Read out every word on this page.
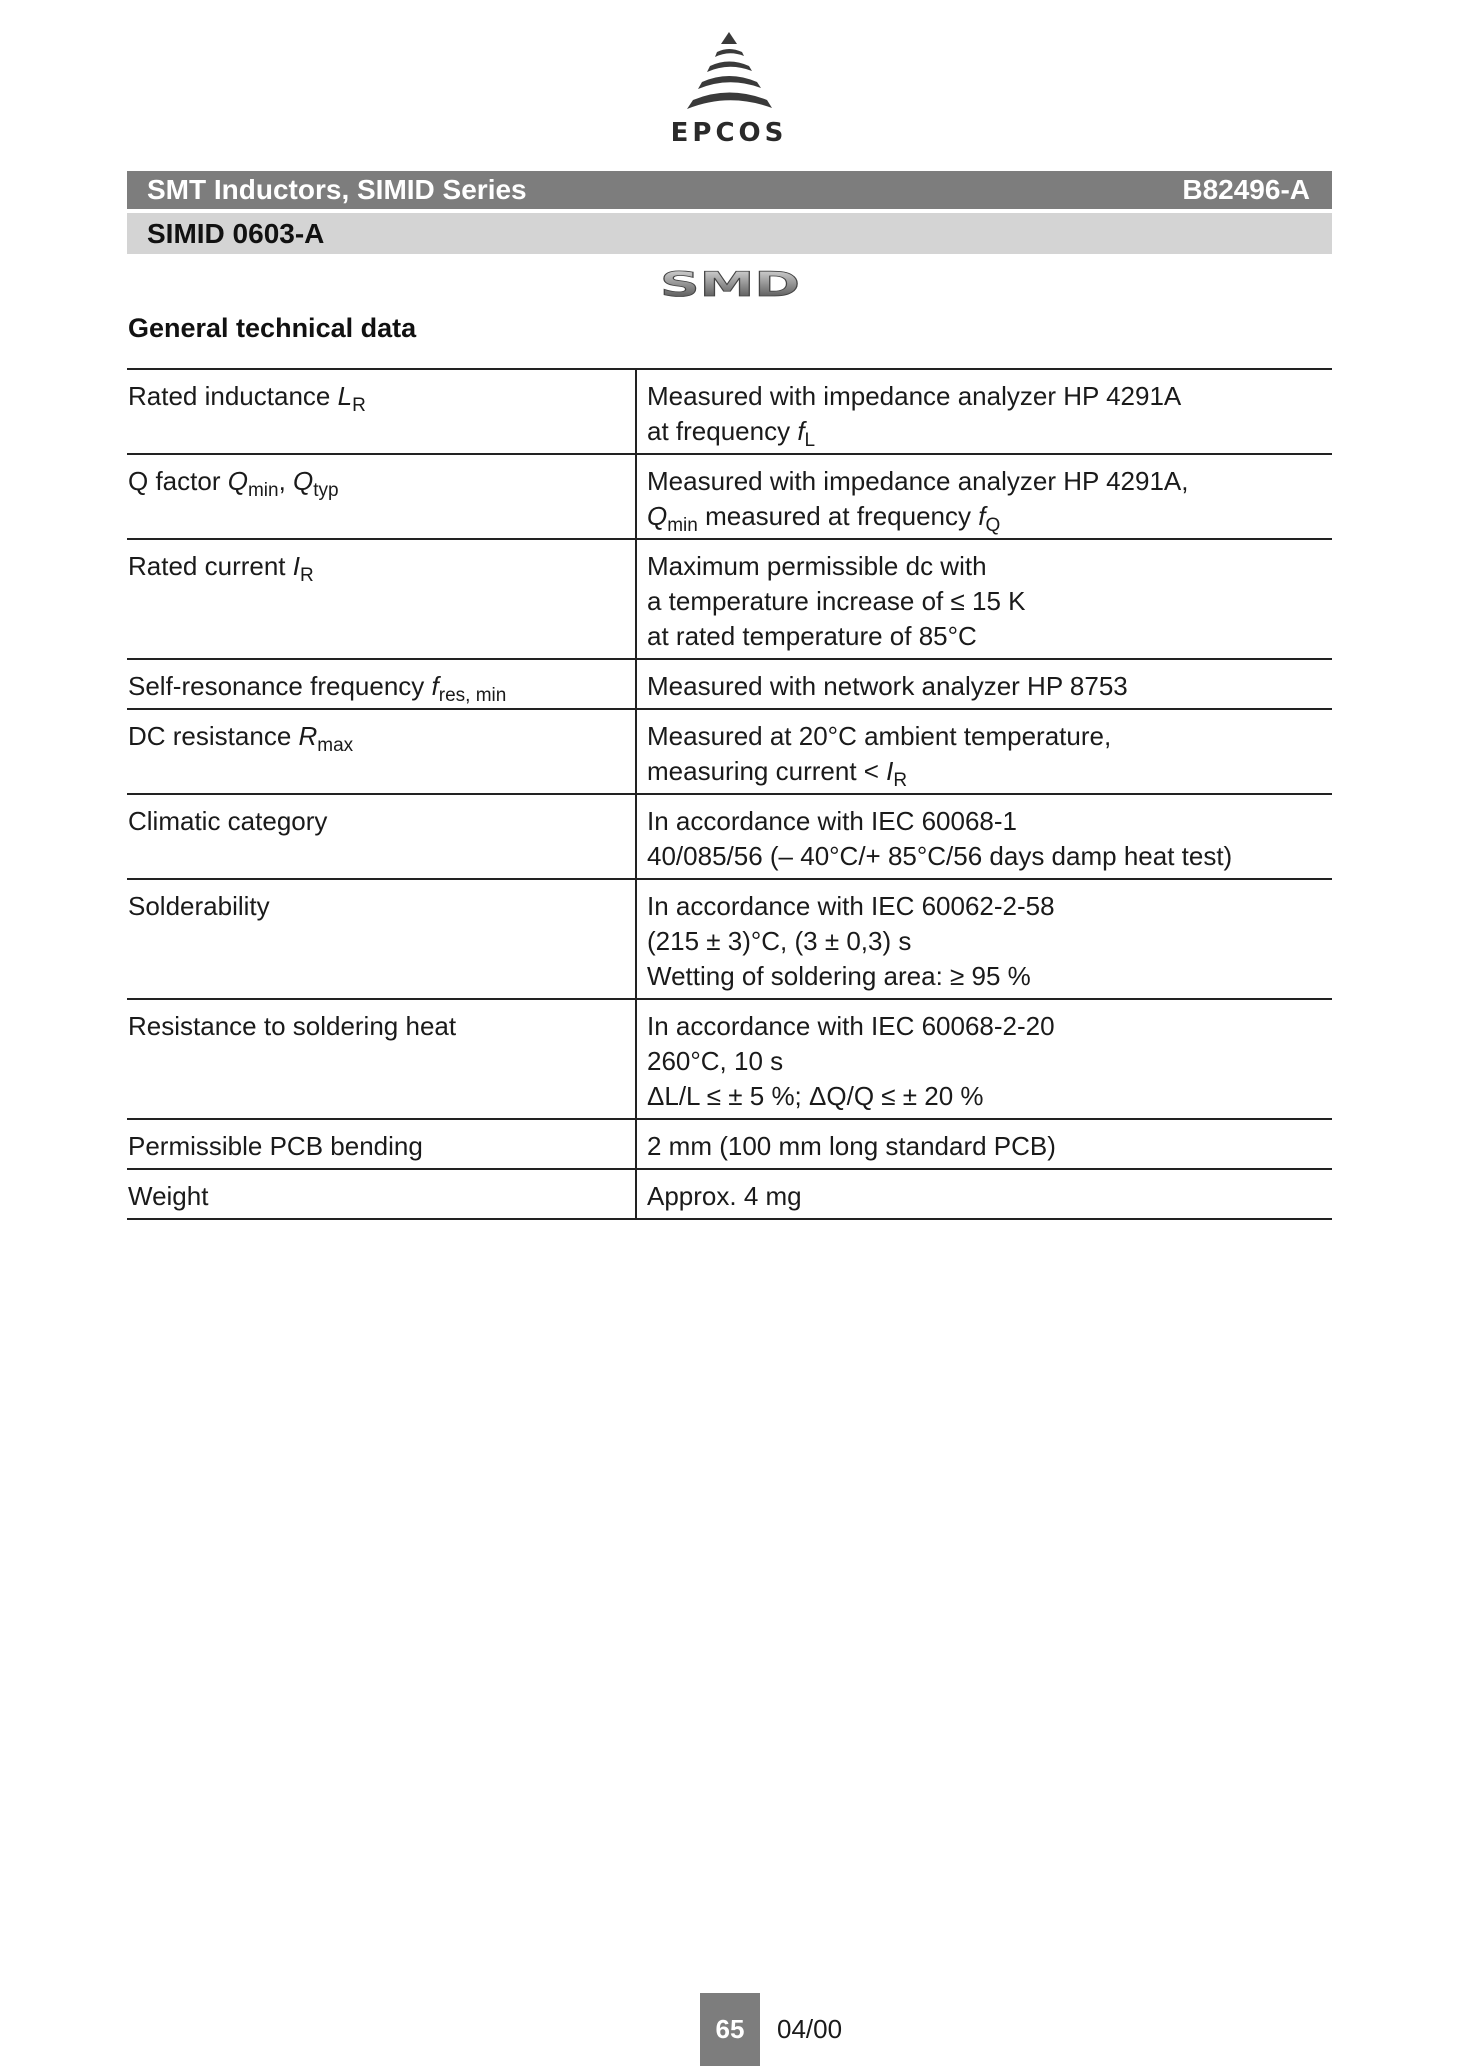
EPCOS
SMT Inductors, SIMID Series	B82496-A
SIMID 0603-A
SMD
General technical data
Rated inductance $L_R$	Measured with impedance analyzer HP 4291A
at frequency $f_L$

Q factor $Q_{min}$, $Q_{typ}$	Measured with impedance analyzer HP 4291A,
$Q_{min}$ measured at frequency $f_Q$

Rated current $I_R$	Maximum permissible dc with
a temperature increase of ≤ 15 K
at rated temperature of 85°C

Self-resonance frequency $f_{res, min}$	Measured with network analyzer HP 8753

DC resistance $R_{max}$	Measured at 20°C ambient temperature,
measuring current < $I_R$

Climatic category	In accordance with IEC 60068-1
40/085/56 (– 40°C/+ 85°C/56 days damp heat test)

Solderability	In accordance with IEC 60062-2-58
(215 ± 3)°C, (3 ± 0,3) s
Wetting of soldering area: ≥ 95 %

Resistance to soldering heat	In accordance with IEC 60068-2-20
260°C, 10 s
ΔL/L ≤ ± 5 %; ΔQ/Q ≤ ± 20 %

Permissible PCB bending	2 mm (100 mm long standard PCB)

Weight	Approx. 4 mg
65	04/00
